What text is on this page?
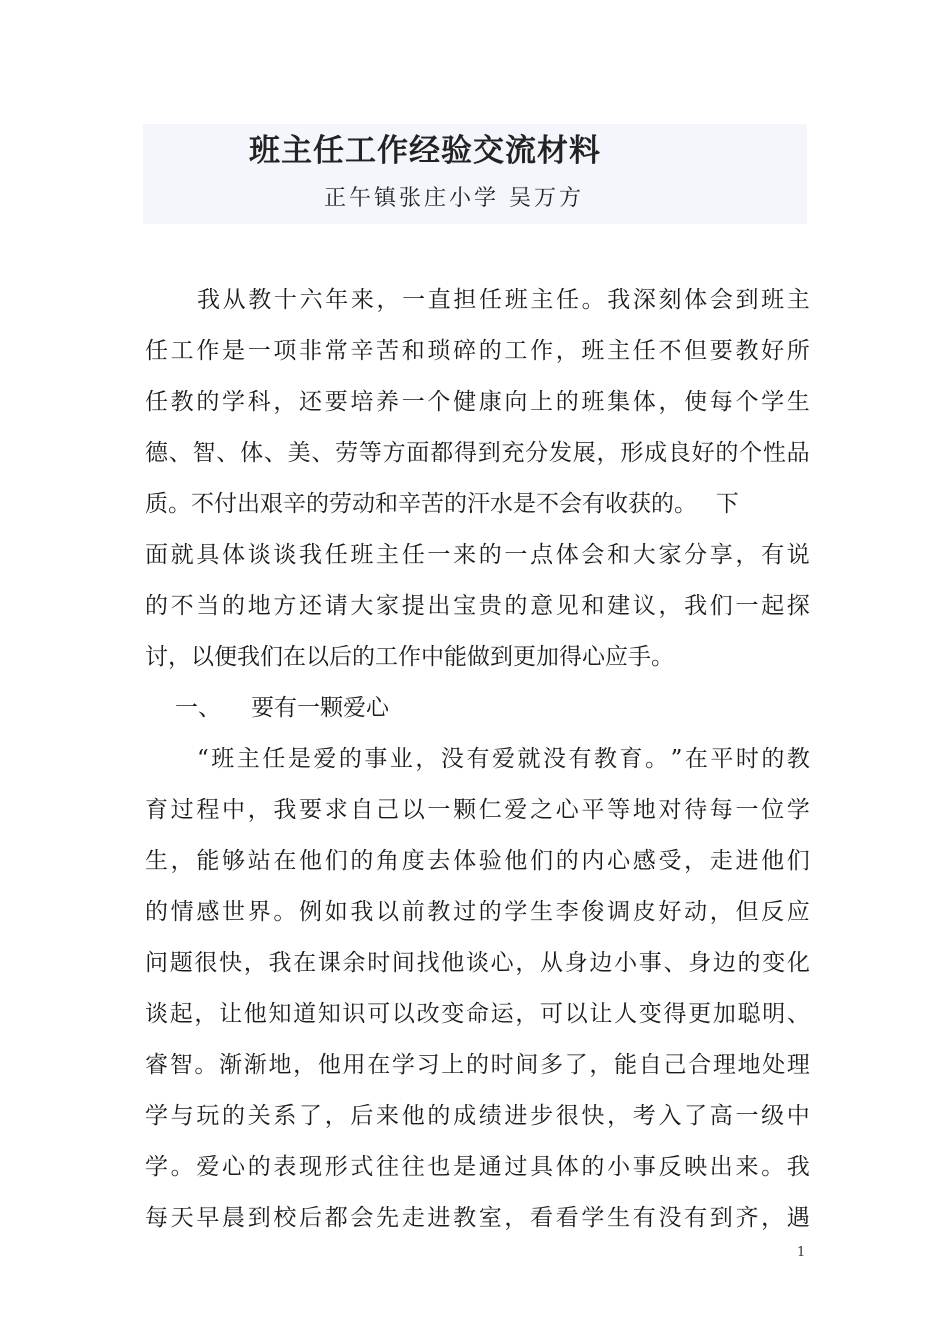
班主任工作经验交流材料
正午镇张庄小学 吴万方
我 从 教 十 六 年 来 ， 一 直 担 任 班 主 任 。 我 深 刻 体 会 到 班 主
任 工 作 是 一 项 非 常 辛 苦 和 琐 碎 的 工 作 ， 班 主 任 不 但 要 教 好 所
任 教 的 学 科 ， 还 要 培 养 一 个 健 康 向 上 的 班 集 体 ， 使 每 个 学 生
德 、 智 、 体 、 美 、 劳 等 方 面 都 得 到 充 分 发 展 ， 形 成 良 好 的 个 性 品
质。不付出艰辛的劳动和辛苦的汗水是不会有收获的。　 下
面 就 具 体 谈 谈 我 任 班 主 任 一 来 的 一 点 体 会 和 大 家 分 享 ， 有 说
的 不 当 的 地 方 还 请 大 家 提 出 宝 贵 的 意 见 和 建 议 ， 我 们 一 起 探
讨，以便我们在以后的工作中能做到更加得心应手。
一、 要有一颗爱心
“ 班 主 任 是 爱 的 事 业 ， 没 有 爱 就 没 有 教 育 。 ” 在 平 时 的 教
育 过 程 中 ， 我 要 求 自 己 以 一 颗 仁 爱 之 心 平 等 地 对 待 每 一 位 学
生 ， 能 够 站 在 他 们 的 角 度 去 体 验 他 们 的 内 心 感 受 ， 走 进 他 们
的 情 感 世 界 。 例 如 我 以 前 教 过 的 学 生 李 俊 调 皮 好 动 ， 但 反 应
问 题 很 快 ， 我 在 课 余 时 间 找 他 谈 心 ， 从 身 边 小 事 、 身 边 的 变 化
谈 起 ， 让 他 知 道 知 识 可 以 改 变 命 运 ， 可 以 让 人 变 得 更 加 聪 明 、
睿 智 。 渐 渐 地 ， 他 用 在 学 习 上 的 时 间 多 了 ， 能 自 己 合 理 地 处 理
学 与 玩 的 关 系 了 ， 后 来 他 的 成 绩 进 步 很 快 ， 考 入 了 高 一 级 中
学 。 爱 心 的 表 现 形 式 往 往 也 是 通 过 具 体 的 小 事 反 映 出 来 。 我
每 天 早 晨 到 校 后 都 会 先 走 进 教 室 ， 看 看 学 生 有 没 有 到 齐 ， 遇
1
